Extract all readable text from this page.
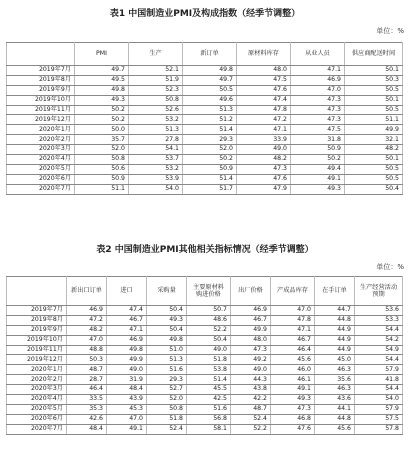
表1 中国制造业PMI及构成指数（经季节调整）
单位：%
	PMI	生产	新订单	原材料库存	从业人员	供应商配送时间
2019年7月	49.7	52.1	49.8	48.0	47.1	50.1
2019年8月	49.5	51.9	49.7	47.5	46.9	50.3
2019年9月	49.8	52.3	50.5	47.6	47.0	50.5
2019年10月	49.3	50.8	49.6	47.4	47.3	50.1
2019年11月	50.2	52.6	51.3	47.8	47.3	50.5
2019年12月	50.2	53.2	51.2	47.2	47.3	51.1
2020年1月	50.0	51.3	51.4	47.1	47.5	49.9
2020年2月	35.7	27.8	29.3	33.9	31.8	32.1
2020年3月	52.0	54.1	52.0	49.0	50.9	48.2
2020年4月	50.8	53.7	50.2	48.2	50.2	50.1
2020年5月	50.6	53.2	50.9	47.3	49.4	50.5
2020年6月	50.9	53.9	51.4	47.6	49.1	50.5
2020年7月	51.1	54.0	51.7	47.9	49.3	50.4
表2 中国制造业PMI其他相关指标情况（经季节调整）
单位：%
	新出口订单	进口	采购量	主要原材料购进价格	出厂价格	产成品库存	在手订单	生产经营活动预期
2019年7月	46.9	47.4	50.4	50.7	46.9	47.0	44.7	53.6
2019年8月	47.2	46.7	49.3	48.6	46.7	47.8	44.8	53.3
2019年9月	48.2	47.1	50.4	52.2	49.9	47.1	44.9	54.4
2019年10月	47.0	46.9	49.8	50.4	48.0	46.7	44.9	54.2
2019年11月	48.8	49.8	51.0	49.0	47.3	46.4	44.9	54.9
2019年12月	50.3	49.9	51.3	51.8	49.2	45.6	45.0	54.4
2020年1月	48.7	49.0	51.6	53.8	49.0	46.0	46.3	57.9
2020年2月	28.7	31.9	29.3	51.4	44.3	46.1	35.6	41.8
2020年3月	46.4	48.4	52.7	45.5	43.8	49.1	46.3	54.4
2020年4月	33.5	43.9	52.0	42.5	42.2	49.3	43.6	54.0
2020年5月	35.3	45.3	50.8	51.6	48.7	47.3	44.1	57.9
2020年6月	42.6	47.0	51.8	56.8	52.4	46.8	44.8	57.5
2020年7月	48.4	49.1	52.4	58.1	52.2	47.6	45.6	57.8
